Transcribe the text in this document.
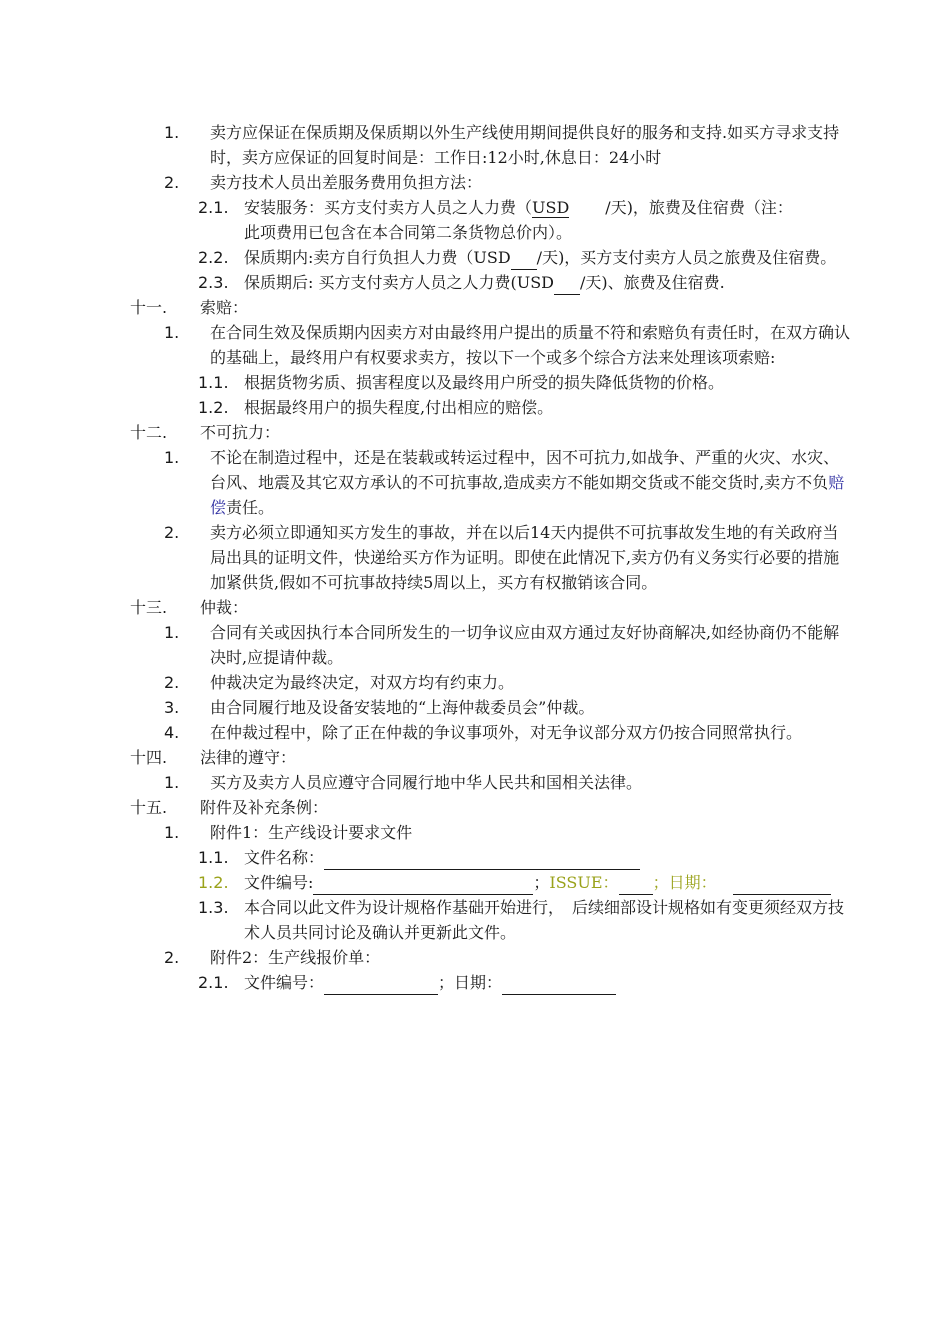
1. 卖方应保证在保质期及保质期以外生产线使用期间提供良好的服务和支持.如买方寻求支持时，卖方应保证的回复时间是：工作日:12小时,休息日：24小时
2. 卖方技术人员出差服务费用负担方法：
2.1. 安装服务：买方支付卖方人员之人力费（USD /天)，旅费及住宿费（注：
此项费用已包含在本合同第二条货物总价内）。
2.2. 保质期内:卖方自行负担人力费（USD /天)，买方支付卖方人员之旅费及住宿费。
2.3. 保质期后: 买方支付卖方人员之人力费(USD /天)、旅费及住宿费.
十一. 索赔：
1. 在合同生效及保质期内因卖方对由最终用户提出的质量不符和索赔负有责任时，在双方确认的基础上，最终用户有权要求卖方，按以下一个或多个综合方法来处理该项索赔:
1.1. 根据货物劣质、损害程度以及最终用户所受的损失降低货物的价格。
1.2. 根据最终用户的损失程度,付出相应的赔偿。
十二. 不可抗力：
1. 不论在制造过程中，还是在装载或转运过程中，因不可抗力,如战争、严重的火灾、水灾、台风、地震及其它双方承认的不可抗事故,造成卖方不能如期交货或不能交货时,卖方不负赔偿责任。
2. 卖方必须立即通知买方发生的事故，并在以后14天内提供不可抗事故发生地的有关政府当局出具的证明文件，快递给买方作为证明。即使在此情况下,卖方仍有义务实行必要的措施加紧供货,假如不可抗事故持续5周以上，买方有权撤销该合同。
十三. 仲裁：
1. 合同有关或因执行本合同所发生的一切争议应由双方通过友好协商解决,如经协商仍不能解决时,应提请仲裁。
2. 仲裁决定为最终决定，对双方均有约束力。
3. 由合同履行地及设备安装地的“上海仲裁委员会”仲裁。
4. 在仲裁过程中，除了正在仲裁的争议事项外，对无争议部分双方仍按合同照常执行。
十四. 法律的遵守：
1. 买方及卖方人员应遵守合同履行地中华人民共和国相关法律。
十五. 附件及补充条例：
1. 附件1：生产线设计要求文件
1.1. 文件名称：
1.2. 文件编号:	；ISSUE： ；日期：
1.3. 本合同以此文件为设计规格作基础开始进行，　后续细部设计规格如有变更须经双方技术人员共同讨论及确认并更新此文件。
2. 附件2：生产线报价单：
2.1. 文件编号：	；日期：
